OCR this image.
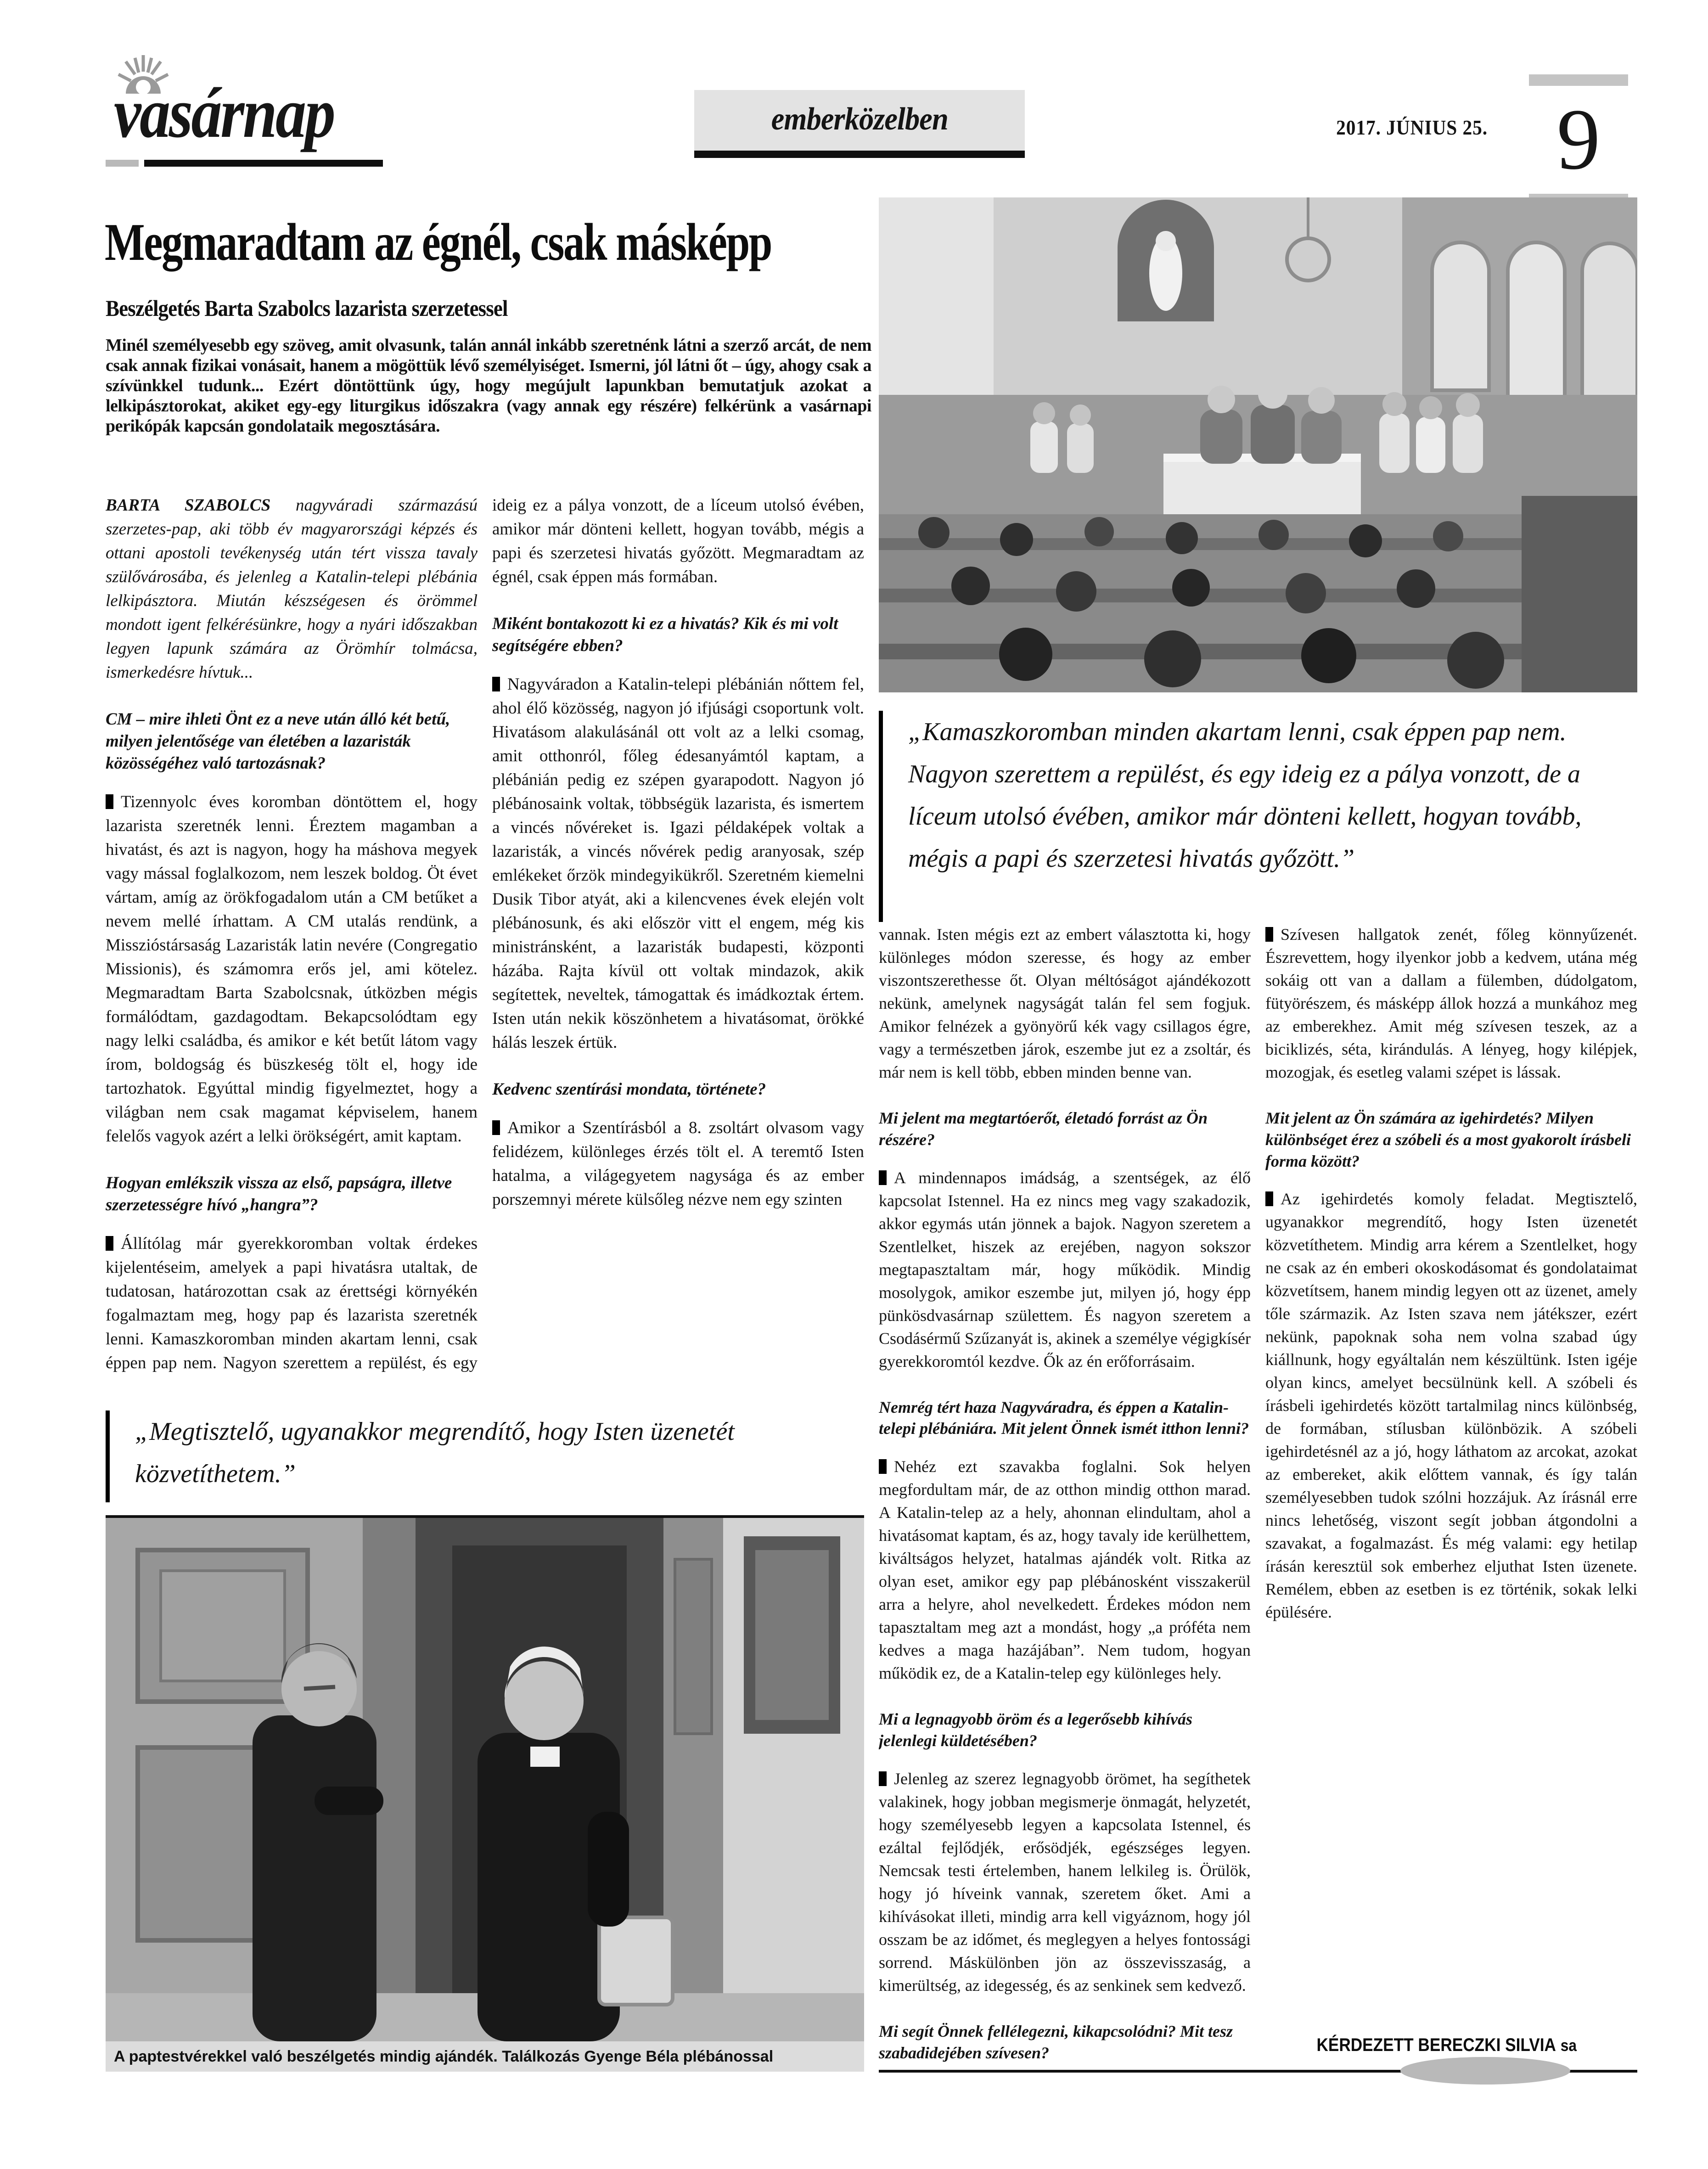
vasárnap	emberközelben	2017. JÚNIUS 25. 9
Megmaradtam az égnél, csak másképp
Beszélgetés Barta Szabolcs lazarista szerzetessel

Minél személyesebb egy szöveg, amit olvasunk, talán annál inkább szeretnénk látni a szerző arcát, de nem csak annak fizikai vonásait, hanem a mögöttük lévő személyiséget. Ismerni, jól látni őt – úgy, ahogy csak a szívünkkel tudunk... Ezért döntöttünk úgy, hogy megújult lapunkban bemutatjuk azokat a lelkipásztorokat, akiket egy-egy liturgikus időszakra (vagy annak egy részére) felkérünk a vasárnapi perikópák kapcsán gondolataik megosztására.

„Kamaszkoromban minden akartam lenni, csak éppen pap nem. Nagyon szerettem a repülést, és egy ideig ez a pálya vonzott, de a líceum utolsó évében, amikor már dönteni kellett, hogyan tovább, mégis a papi és szerzetesi hivatás győzött.”

BARTA SZABOLCS nagyváradi származású szerzetes-pap, aki több év magyarországi képzés és ottani apostoli tevékenység után tért vissza tavaly szülővárosába, és jelenleg a Katalin-telepi plébánia lelkipásztora. Miután készségesen és örömmel mondott igent felkérésünkre, hogy a nyári időszakban legyen lapunk számára az Örömhír tolmácsa, ismerkedésre hívtuk...

CM – mire ihleti Önt ez a neve után álló két betű, milyen jelentősége van életében a lazaristák közösségéhez való tartozásnak?

Tizennyolc éves koromban döntöttem el, hogy lazarista szeretnék lenni. Éreztem magamban a hivatást, és azt is nagyon, hogy ha máshova megyek vagy mással foglalkozom, nem leszek boldog. Öt évet vártam, amíg az örökfogadalom után a CM betűket a nevem mellé írhattam. A CM utalás rendünk, a Misszióstársaság Lazaristák latin nevére (Congregatio Missionis), és számomra erős jel, ami kötelez. Megmaradtam Barta Szabolcsnak, útközben mégis formálódtam, gazdagodtam. Bekapcsolódtam egy nagy lelki családba, és amikor e két betűt látom vagy írom, boldogság és büszkeség tölt el, hogy ide tartozhatok. Egyúttal mindig figyelmeztet, hogy a világban nem csak magamat képviselem, hanem felelős vagyok azért a lelki örökségért, amit kaptam.

Hogyan emlékszik vissza az első, papságra, illetve szerzetességre hívó „hangra”?

Állítólag már gyerekkoromban voltak érdekes kijelentéseim, amelyek a papi hivatásra utaltak, de tudatosan, határozottan csak az érettségi környékén fogalmaztam meg, hogy pap és lazarista szeretnék lenni. Kamaszkoromban minden akartam lenni, csak éppen pap nem. Nagyon szerettem a repülést, és egy ideig ez a pálya vonzott, de a líceum utolsó évében, amikor már dönteni kellett, hogyan tovább, mégis a papi és szerzetesi hivatás győzött. Megmaradtam az égnél, csak éppen más formában.

Miként bontakozott ki ez a hivatás? Kik és mi volt segítségére ebben?

Nagyváradon a Katalin-telepi plébánián nőttem fel, ahol élő közösség, nagyon jó ifjúsági csoportunk volt. Hivatásom alakulásánál ott volt az a lelki csomag, amit otthonról, főleg édesanyámtól kaptam, a plébánián pedig ez szépen gyarapodott. Nagyon jó plébánosaink voltak, többségük lazarista, és ismertem a vincés nővéreket is. Igazi példaképek voltak a lazaristák, a vincés nővérek pedig aranyosak, szép emlékeket őrzök mindegyikükről. Szeretném kiemelni Dusik Tibor atyát, aki a kilencvenes évek elején volt plébánosunk, és aki először vitt el engem, még kis ministránsként, a lazaristák budapesti, központi házába. Rajta kívül ott voltak mindazok, akik segítettek, neveltek, támogattak és imádkoztak értem. Isten után nekik köszönhetem a hivatásomat, örökké hálás leszek értük.

Kedvenc szentírási mondata, története?

Amikor a Szentírásból a 8. zsoltárt olvasom vagy felidézem, különleges érzés tölt el. A teremtő Isten hatalma, a világegyetem nagysága és az ember porszemnyi mérete külsőleg nézve nem egy szinten

„Megtisztelő, ugyanakkor megrendítő, hogy Isten üzenetét közvetíthetem.”
A paptestvérekkel való beszélgetés mindig ajándék. Találkozás Gyenge Béla plébánossal

vannak. Isten mégis ezt az embert választotta ki, hogy különleges módon szeresse, és hogy az ember viszontszerethesse őt. Olyan méltóságot ajándékozott nekünk, amelynek nagyságát talán fel sem fogjuk. Amikor felnézek a gyönyörű kék vagy csillagos égre, vagy a természetben járok, eszembe jut ez a zsoltár, és már nem is kell több, ebben minden benne van.

Mi jelent ma megtartóerőt, életadó forrást az Ön részére?

A mindennapos imádság, a szentségek, az élő kapcsolat Istennel. Ha ez nincs meg vagy szakadozik, akkor egymás után jönnek a bajok. Nagyon szeretem a Szentlelket, hiszek az erejében, nagyon sokszor megtapasztaltam már, hogy működik. Mindig mosolygok, amikor eszembe jut, milyen jó, hogy épp pünkösdvasárnap születtem. És nagyon szeretem a Csodásérmű Szűzanyát is, akinek a személye végigkísér gyerekkoromtól kezdve. Ők az én erőforrásaim.

Nemrég tért haza Nagyváradra, és éppen a Katalin-telepi plébániára. Mit jelent Önnek ismét itthon lenni?

Nehéz ezt szavakba foglalni. Sok helyen megfordultam már, de az otthon mindig otthon marad. A Katalin-telep az a hely, ahonnan elindultam, ahol a hivatásomat kaptam, és az, hogy tavaly ide kerülhettem, kiváltságos helyzet, hatalmas ajándék volt. Ritka az olyan eset, amikor egy pap plébánosként visszakerül arra a helyre, ahol nevelkedett. Érdekes módon nem tapasztaltam meg azt a mondást, hogy „a próféta nem kedves a maga hazájában”. Nem tudom, hogyan működik ez, de a Katalin-telep egy különleges hely.

Mi a legnagyobb öröm és a legerősebb kihívás jelenlegi küldetésében?

Jelenleg az szerez legnagyobb örömet, ha segíthetek valakinek, hogy jobban megismerje önmagát, helyzetét, hogy személyesebb legyen a kapcsolata Istennel, és ezáltal fejlődjék, erősödjék, egészséges legyen. Nemcsak testi értelemben, hanem lelkileg is. Örülök, hogy jó híveink vannak, szeretem őket. Ami a kihívásokat illeti, mindig arra kell vigyáznom, hogy jól osszam be az időmet, és meglegyen a helyes fontossági sorrend. Máskülönben jön az összevisszaság, a kimerültség, az idegesség, és az senkinek sem kedvező.

Mi segít Önnek fellélegezni, kikapcsolódni? Mit tesz szabadidejében szívesen?

Szívesen hallgatok zenét, főleg könnyűzenét. Észrevettem, hogy ilyenkor jobb a kedvem, utána még sokáig ott van a dallam a fülemben, dúdolgatom, fütyörészem, és másképp állok hozzá a munkához meg az emberekhez. Amit még szívesen teszek, az a biciklizés, séta, kirándulás. A lényeg, hogy kilépjek, mozogjak, és esetleg valami szépet is lássak.

Mit jelent az Ön számára az igehirdetés? Milyen különbséget érez a szóbeli és a most gyakorolt írásbeli forma között?

Az igehirdetés komoly feladat. Megtisztelő, ugyanakkor megrendítő, hogy Isten üzenetét közvetíthetem. Mindig arra kérem a Szentlelket, hogy ne csak az én emberi okoskodásomat és gondolataimat közvetítsem, hanem mindig legyen ott az üzenet, amely tőle származik. Az Isten szava nem játékszer, ezért nekünk, papoknak soha nem volna szabad úgy kiállnunk, hogy egyáltalán nem készültünk. Isten igéje olyan kincs, amelyet becsülnünk kell. A szóbeli és írásbeli igehirdetés között tartalmilag nincs különbség, de formában, stílusban különbözik. A szóbeli igehirdetésnél az a jó, hogy láthatom az arcokat, azokat az embereket, akik előttem vannak, és így talán személyesebben tudok szólni hozzájuk. Az írásnál erre nincs lehetőség, viszont segít jobban átgondolni a szavakat, a fogalmazást. És még valami: egy hetilap írásán keresztül sok emberhez eljuthat Isten üzenete. Remélem, ebben az esetben is ez történik, sokak lelki épülésére.

KÉRDEZETT BERECZKI SILVIA sa
